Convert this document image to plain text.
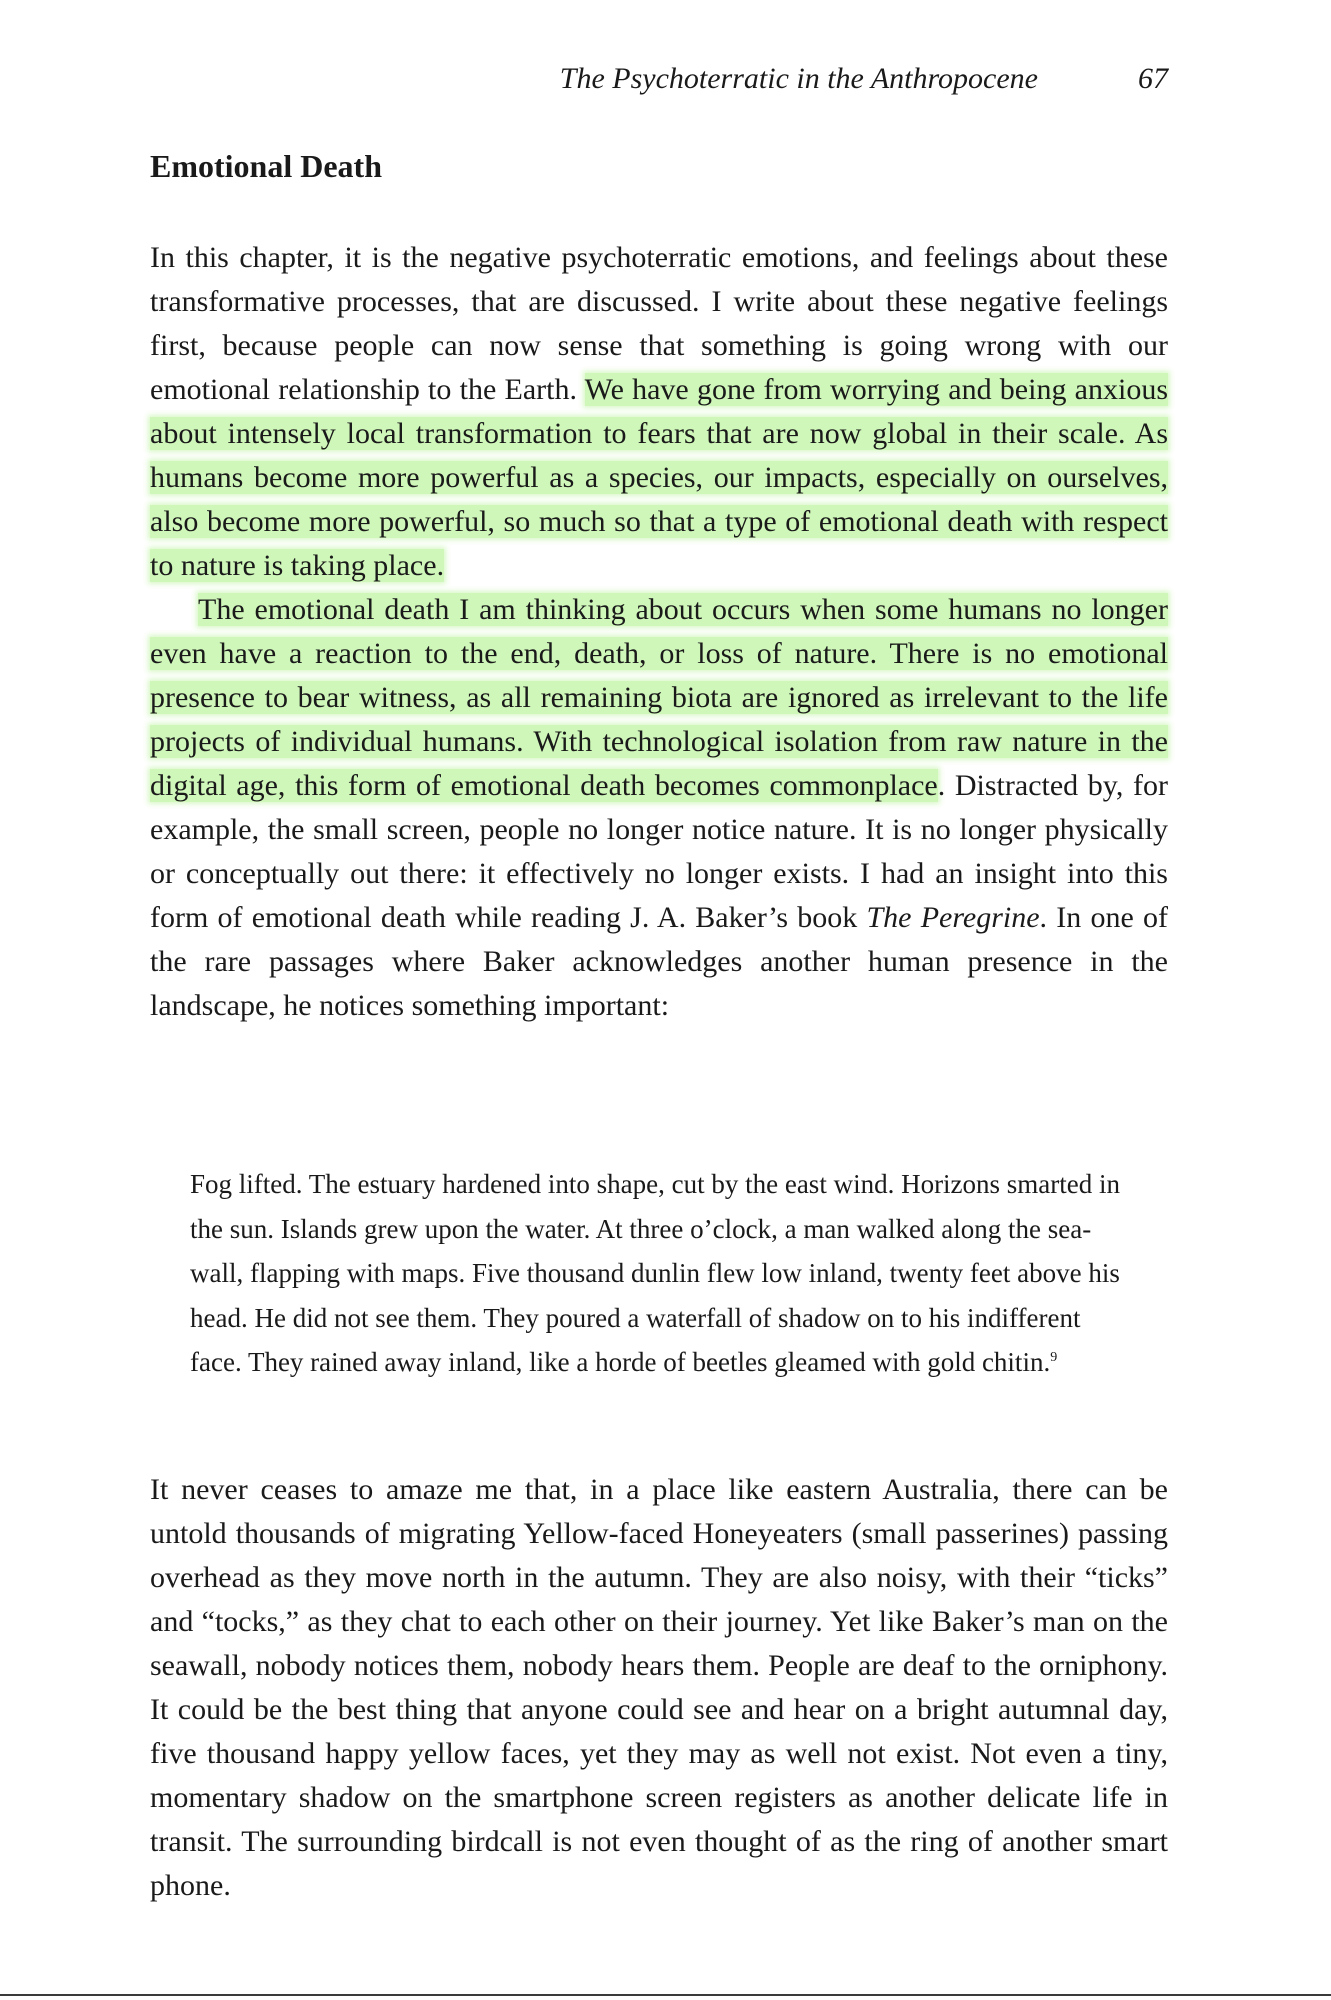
The Psychoterratic in the Anthropocene	67
Emotional Death

In this chapter, it is the negative psychoterratic emotions, and feelings about these transformative processes, that are discussed. I write about these negative feelings first, because people can now sense that something is going wrong with our emotional relationship to the Earth. We have gone from worrying and being anxious about intensely local transformation to fears that are now global in their scale. As humans become more powerful as a species, our impacts, especially on ourselves, also become more powerful, so much so that a type of emotional death with respect to nature is taking place.

The emotional death I am thinking about occurs when some humans no longer even have a reaction to the end, death, or loss of nature. There is no emotional presence to bear witness, as all remaining biota are ignored as irrelevant to the life projects of individual humans. With technological isolation from raw nature in the digital age, this form of emotional death becomes commonplace. Distracted by, for example, the small screen, people no longer notice nature. It is no longer physically or conceptually out there: it effectively no longer exists. I had an insight into this form of emotional death while reading J. A. Baker’s book The Peregrine. In one of the rare passages where Baker acknowledges another human presence in the landscape, he notices something important:

Fog lifted. The estuary hardened into shape, cut by the east wind. Horizons smarted in the sun. Islands grew upon the water. At three o’clock, a man walked along the sea-wall, flapping with maps. Five thousand dunlin flew low inland, twenty feet above his head. He did not see them. They poured a waterfall of shadow on to his indifferent face. They rained away inland, like a horde of beetles gleamed with gold chitin.$^9$

It never ceases to amaze me that, in a place like eastern Australia, there can be untold thousands of migrating Yellow-faced Honeyeaters (small passerines) passing overhead as they move north in the autumn. They are also noisy, with their “ticks” and “tocks,” as they chat to each other on their journey. Yet like Baker’s man on the seawall, nobody notices them, nobody hears them. People are deaf to the orniphony. It could be the best thing that anyone could see and hear on a bright autumnal day, five thousand happy yellow faces, yet they may as well not exist. Not even a tiny, momentary shadow on the smartphone screen registers as another delicate life in transit. The surrounding birdcall is not even thought of as the ring of another smart phone.
